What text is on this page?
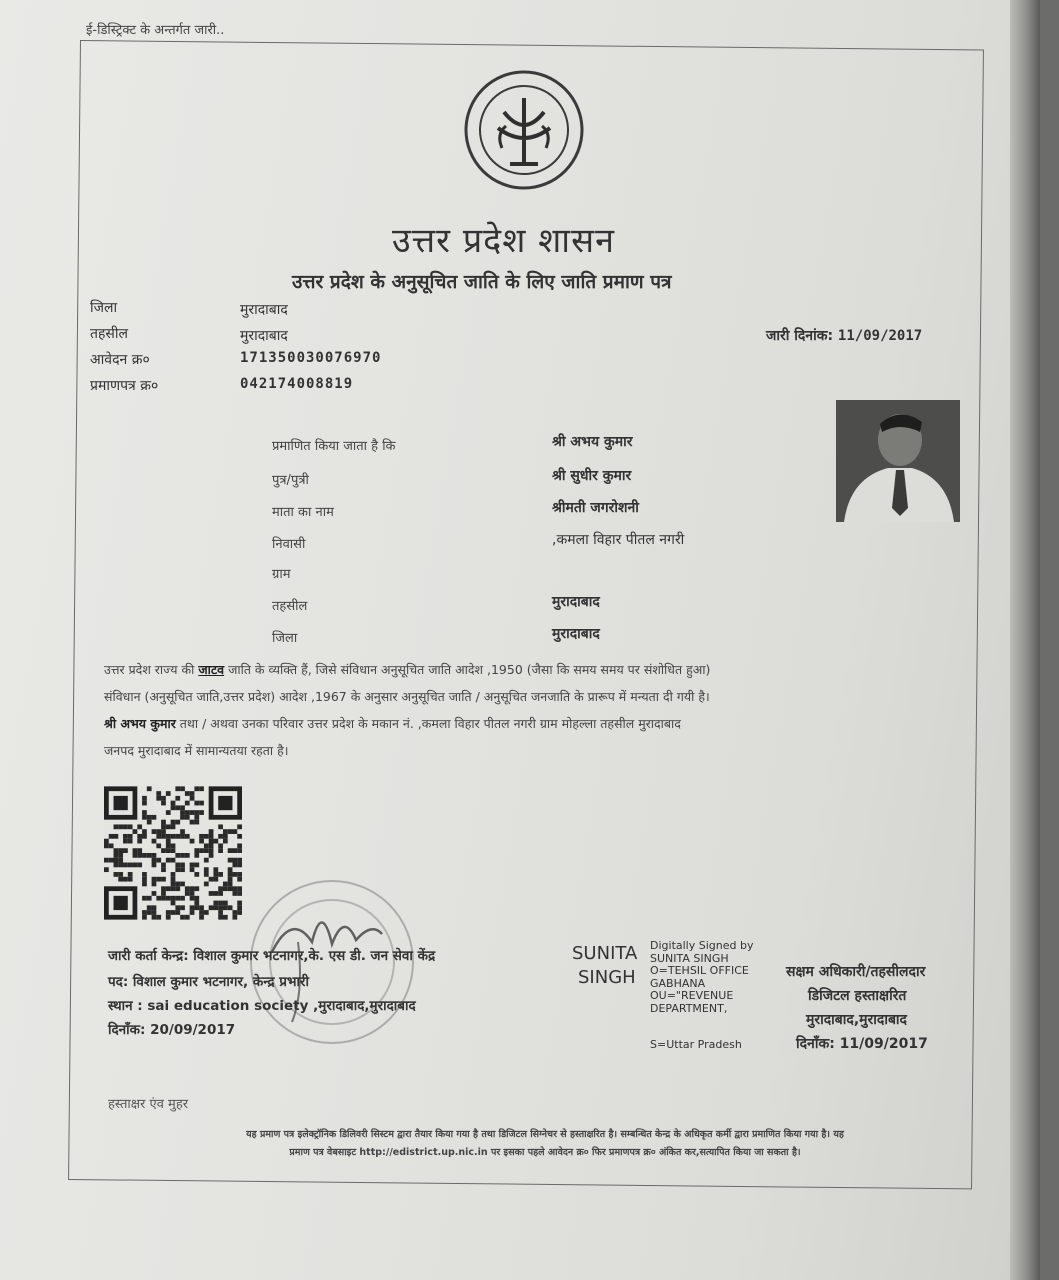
ई-डिस्ट्रिक्ट के अन्तर्गत जारी..
उत्तर प्रदेश शासन
उत्तर प्रदेश के अनुसूचित जाति के लिए जाति प्रमाण पत्र
जिला	मुरादाबाद
तहसील	मुरादाबाद
आवेदन क्र०	171350030076970
प्रमाणपत्र क्र०	042174008819
जारी दिनांक: 11/09/2017
प्रमाणित किया जाता है कि	श्री अभय कुमार
पुत्र/पुत्री	श्री सुधीर कुमार
माता का नाम	श्रीमती जगरोशनी
निवासी	,कमला विहार पीतल नगरी
ग्राम
तहसील	मुरादाबाद
जिला	मुरादाबाद
उत्तर प्रदेश राज्य की जाटव जाति के व्यक्ति हैं, जिसे संविधान अनुसूचित जाति आदेश ,1950 (जैसा कि समय समय पर संशोधित हुआ)
संविधान (अनुसूचित जाति,उत्तर प्रदेश) आदेश ,1967 के अनुसार अनुसूचित जाति / अनुसूचित जनजाति के प्रारूप में मन्यता दी गयी है।
श्री अभय कुमार तथा / अथवा उनका परिवार उत्तर प्रदेश के मकान नं. ,कमला विहार पीतल नगरी ग्राम मोहल्ला तहसील मुरादाबाद
जनपद मुरादाबाद में सामान्यतया रहता है।
जारी कर्ता केन्द्र: विशाल कुमार भटनागर,के. एस डी. जन सेवा केंद्र
पद: विशाल कुमार भटनागर, केन्द्र प्रभारी
स्थान : sai education society ,मुरादाबाद,मुरादाबाद
दिनाँक: 20/09/2017
SUNITA
SINGH
Digitally Signed by
SUNITA SINGH
O=TEHSIL OFFICE
GABHANA
OU="REVENUE
DEPARTMENT,
S=Uttar Pradesh
सक्षम अधिकारी/तहसीलदार
डिजिटल हस्ताक्षरित
मुरादाबाद,मुरादाबाद
दिनाँक: 11/09/2017
हस्ताक्षर एंव मुहर
यह प्रमाण पत्र इलेक्ट्रॉनिक डिलिवरी सिस्टम द्वारा तैयार किया गया है तथा डिजिटल सिग्नेचर से हस्ताक्षरित है। सम्बन्धित केन्द्र के अधिकृत कर्मी द्वारा प्रमाणित किया गया है। यह
प्रमाण पत्र वेबसाइट http://edistrict.up.nic.in पर इसका पहले आवेदन क्र० फिर प्रमाणपत्र क्र० अंकित कर,सत्यापित किया जा सकता है।
